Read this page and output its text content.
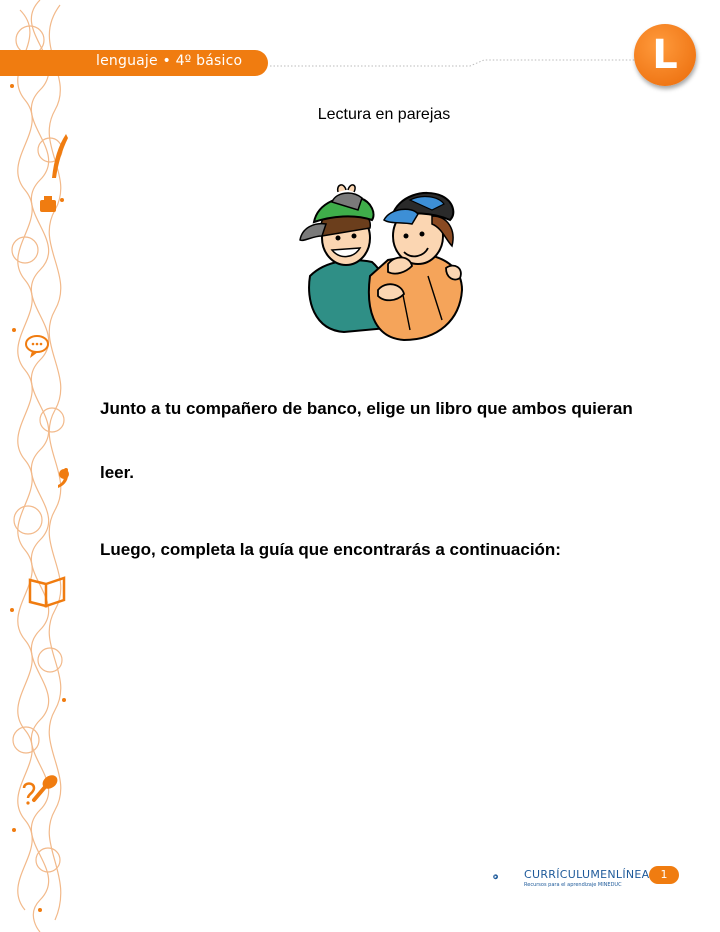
lenguaje • 4º básico	L
Lectura en parejas
Junto a tu compañero de banco, elige un libro que ambos quieran
leer.
Luego, completa la guía que encontrarás a continuación:
CURRÍCULUMENLÍNEA
Recursos para el aprendizaje MINEDUC
1
